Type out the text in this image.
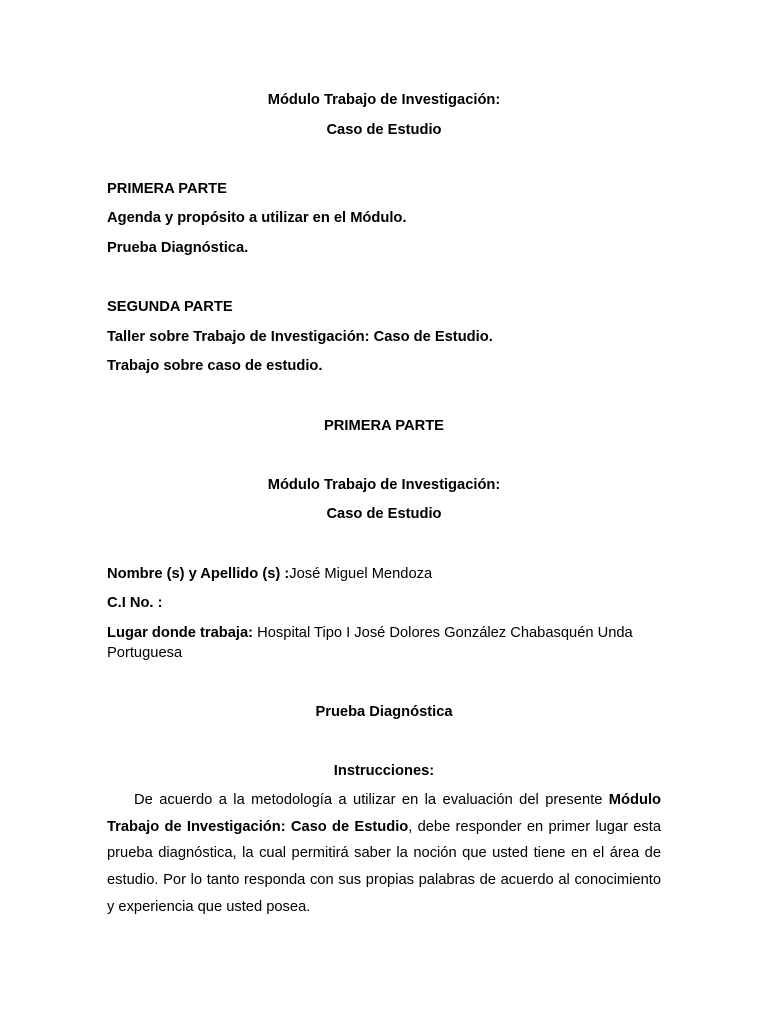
Módulo Trabajo de Investigación:
Caso de Estudio
PRIMERA PARTE
Agenda y propósito a utilizar en el Módulo.
Prueba Diagnóstica.
SEGUNDA PARTE
Taller sobre Trabajo de Investigación: Caso de Estudio.
Trabajo sobre caso de estudio.
PRIMERA PARTE
Módulo Trabajo de Investigación:
Caso de Estudio
Nombre (s) y Apellido (s) :José Miguel Mendoza
C.I No. :
Lugar donde trabaja: Hospital Tipo I José Dolores González Chabasquén Unda Portuguesa
Prueba Diagnóstica
Instrucciones:
De acuerdo a la metodología a utilizar en la evaluación del presente Módulo Trabajo de Investigación: Caso de Estudio, debe responder en primer lugar esta prueba diagnóstica, la cual permitirá saber la noción que usted tiene en el área de estudio. Por lo tanto responda con sus propias palabras de acuerdo al conocimiento y experiencia que usted posea.
